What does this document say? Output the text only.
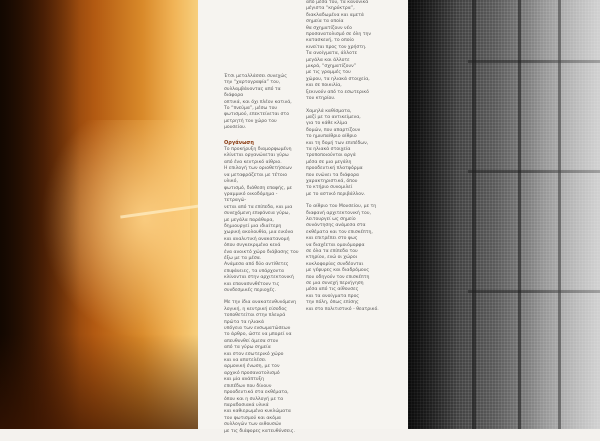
Έτσι μεταλλάσσει συνεχώς
την “χαρτογραφία” του,
συλλαμβάνοντας από τα διάφορα
οπτικά, και όχι πλέον κατινά,
Το “πνεύμα”, μέσω του
φωτισμού, επεκτείνεται στο
μετρητή τον χώρο του
μουσείου.

Οργάνωση

Το προκήρυξη διαμορφωμένη
κλίνεται οργανώνεται γύρω
από ένα κεντρικό αίθριο.
Η επιλογή των οριοθετήσεων
να μεταφράζεται με τέτοιο υλικό,
φωτισμό, διάθεση επαφής, με
γραμμικό οικοδόμημα - τετραγώ-
νεται από τα επίπεδα, και μια
συνεχόμενη επιφάνεια γύρω,
με μεγάλα παράθυρα,
δημιουργεί μια ιδιαίτερη
χωρική ακολουθία, μια εικόνα
και αναλυτική ανακατανομή
όπου συγκεκριμένα κενά
ένα ανοικτό χώρο διάβασης του
έξω με τα μέσα.
Ανάμεσα από δύο αντίθετες
επιφάνειες, τα υπάρχοντα
κλίνονται στην αρχιτεκτονική
και επανασυνθέτουν τις
συνδεσμικές περιοχές.

Με την ίδια ανακατευθυνόμενη
λογική, η κεντρική είσοδος
τοποθετείται στην πλευρά
πρώτα τα ηλιακά
υπόγεια των ενσωματώσεων
το άρθρο, ώστε να μπορεί να
απευθυνθεί άμεσα στον
από τα γύρω σημεία
και στον εσωτερικό χώρο
και να αποτελέσει
αρμονική ένωση, με τον
αρχικό προσανατολισμό
και μία ανάπτυξη
επιπέδων που δίνουν
προοδευτικά στα εκθέματα,
όπου και η συλλογή με τα
παραδοσιακά υλικά
και καθιερωμένα κυκλώματα
του φωτισμού και ακόμα
συλλογών των αιθουσών
με τις διάφορες κατευθύνσεις.

από μέσα του, τα κανονικά
μέγιστα “κηρύκτρα”,
διακλαδωμένα και αμετά
σημεία τα οποία
θα σχηματίζουν νέο
προσανατολισμό σε όλη την
κατασκευή, το οποίο
κινείται προς τον χρήστη.
Τα ανοίγματα, άλλοτε
μεγάλα και άλλοτε
μικρά, “σχηματίζουν”
με τις γραμμές του
χώρου, τα ηλιακά στοιχεία,
και σε ποικιλία,
ξεκινούν από το εσωτερικό
του κτηρίου.

Χαμηλά καθίσματα,
μαζί με τα αντικείμενα,
για το κάθε κλίμα
δομών, που απαρτίζουν
το ημιυπαίθριο αίθριο
και τη δομή των επιπέδων,
τα ηλιακά στοιχεία
τροποποιούνται αργά
μέσα σε μια μεγάλη
προοδευτική πλατφόρμα
που ενώνει τα διάφορα
χαρακτηριστικά, όπου
το κτήριο συνομιλεί
με το αστικό περιβάλλον.

Το αίθριο του Μουσείου, με τη
διαφανή αρχιτεκτονική του,
λειτουργεί ως σημείο
συνάντησης ανάμεσα στα
εκθέματα και τον επισκέπτη,
και επιτρέπει στο φως
να διαχέεται ομοιόμορφα
σε όλα τα επίπεδα του
κτηρίου, ενώ οι χώροι
κυκλοφορίας συνδέονται
με γέφυρες και διαδρόμους
που οδηγούν τον επισκέπτη
σε μια συνεχή περιήγηση
μέσα από τις αίθουσες
και τα ανοίγματα προς
την πόλη, όπως επίσης
και στο πολιτιστικό - θεατρικό.
